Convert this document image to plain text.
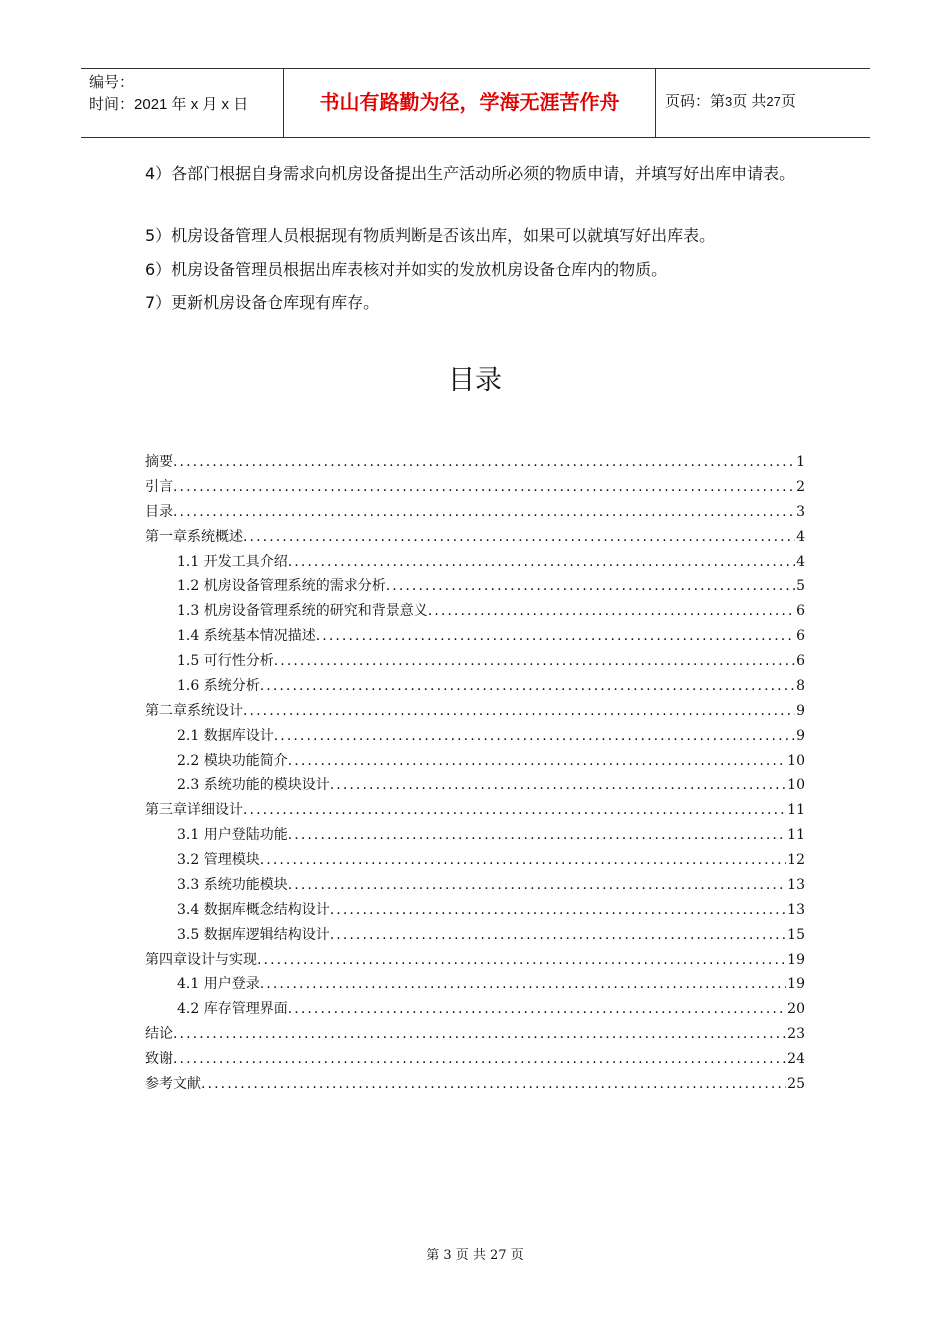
编号：
时间：2021 年 x 月 x 日	书山有路勤为径，学海无涯苦作舟	页码：第3页 共27页
4）各部门根据自身需求向机房设备提出生产活动所必须的物质申请，并填写好出库申请表。
5）机房设备管理人员根据现有物质判断是否该出库，如果可以就填写好出库表。
6）机房设备管理员根据出库表核对并如实的发放机房设备仓库内的物质。
7）更新机房设备仓库现有库存。
目录
摘要 .....	1
引言 .....	2
目录 .....	3
第一章系统概述 .....	4
1.1 开发工具介绍 .....	4
1.2 机房设备管理系统的需求分析 .....	5
1.3 机房设备管理系统的研究和背景意义 .....	6
1.4 系统基本情况描述 .....	6
1.5 可行性分析 .....	6
1.6 系统分析 .....	8
第二章系统设计 .....	9
2.1 数据库设计 .....	9
2.2 模块功能简介 .....	10
2.3 系统功能的模块设计 .....	10
第三章详细设计 .....	11
3.1 用户登陆功能 .....	11
3.2 管理模块 .....	12
3.3 系统功能模块 .....	13
3.4 数据库概念结构设计 .....	13
3.5 数据库逻辑结构设计 .....	15
第四章设计与实现 .....	19
4.1 用户登录 .....	19
4.2 库存管理界面 .....	20
结论 .....	23
致谢 .....	24
参考文献 .....	25
第 3 页 共 27 页
